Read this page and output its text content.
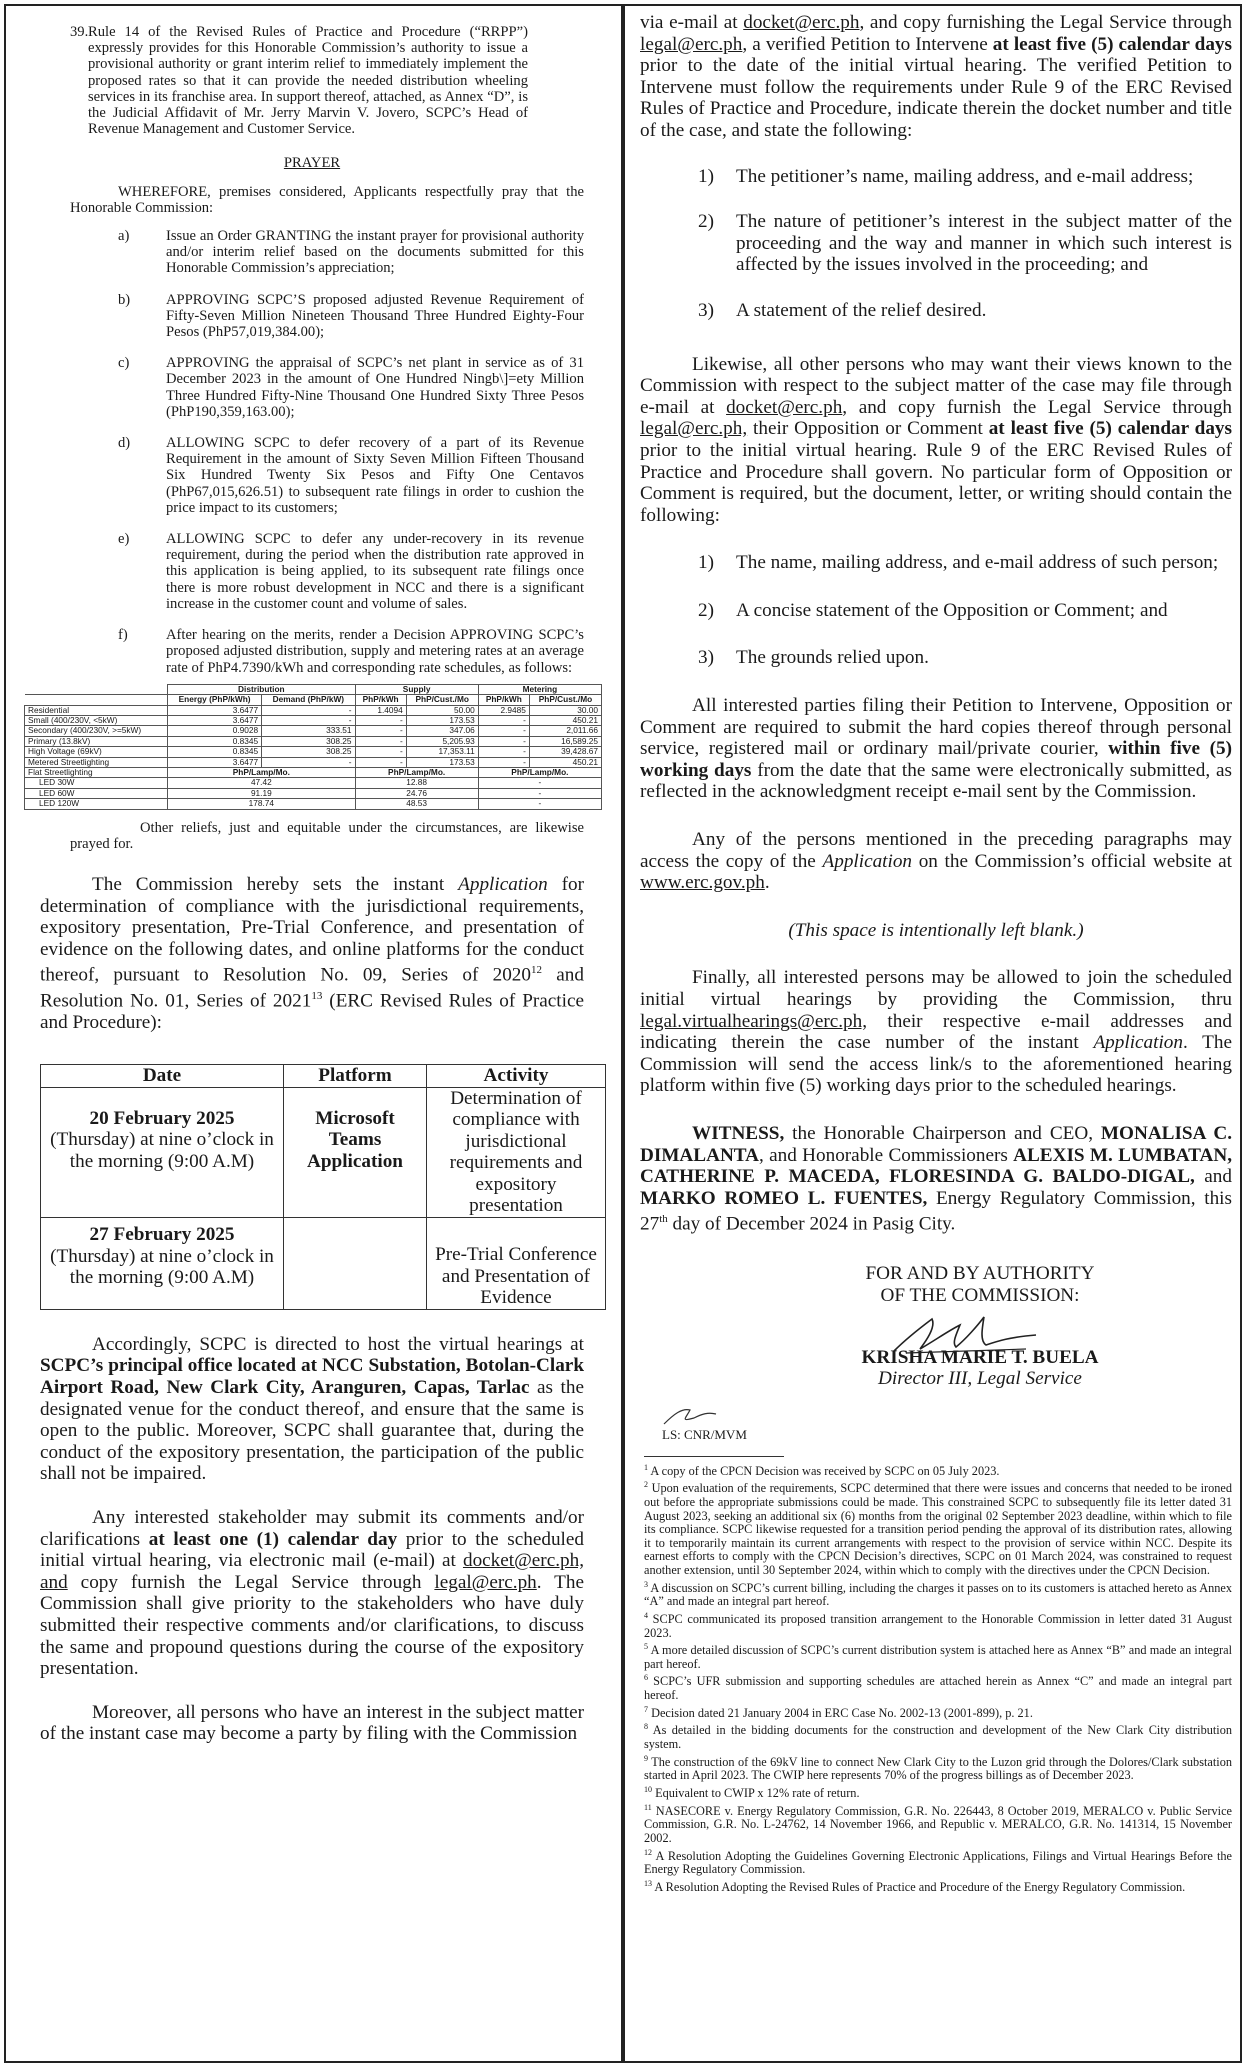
39. Rule 14 of the Revised Rules of Practice and Procedure (“RRPP”) expressly provides for this Honorable Commission’s authority to issue a provisional authority or grant interim relief to immediately implement the proposed rates so that it can provide the needed distribution wheeling services in its franchise area. In support thereof, attached, as Annex “D”, is the Judicial Affidavit of Mr. Jerry Marvin V. Jovero, SCPC’s Head of Revenue Management and Customer Service.
PRAYER

WHEREFORE, premises considered, Applicants respectfully pray that the Honorable Commission:

a)	Issue an Order GRANTING the instant prayer for provisional authority and/or interim relief based on the documents submitted for this Honorable Commission’s appreciation;
b)	APPROVING SCPC’S proposed adjusted Revenue Requirement of Fifty-Seven Million Nineteen Thousand Three Hundred Eighty-Four Pesos (PhP57,019,384.00);
c)	APPROVING the appraisal of SCPC’s net plant in service as of 31 December 2023 in the amount of One Hundred Ningb\]=ety Million Three Hundred Fifty-Nine Thousand One Hundred Sixty Three Pesos (PhP190,359,163.00);
d)	ALLOWING SCPC to defer recovery of a part of its Revenue Requirement in the amount of Sixty Seven Million Fifteen Thousand Six Hundred Twenty Six Pesos and Fifty One Centavos (PhP67,015,626.51) to subsequent rate filings in order to cushion the price impact to its customers;
e)	ALLOWING SCPC to defer any under-recovery in its revenue requirement, during the period when the distribution rate approved in this application is being applied, to its subsequent rate filings once there is more robust development in NCC and there is a significant increase in the customer count and volume of sales.
f)	After hearing on the merits, render a Decision APPROVING SCPC’s proposed adjusted distribution, supply and metering rates at an average rate of PhP4.7390/kWh and corresponding rate schedules, as follows:
	Distribution		Supply		Metering	
	Energy (PhP/kWh)	Demand (PhP/kW)	PhP/kWh	PhP/Cust./Mo	PhP/kWh	PhP/Cust./Mo
Residential	3.6477	-	1.4094	50.00	2.9485	30.00
Small (400/230V, <5kW)	3.6477	-	-	173.53	-	450.21
Secondary (400/230V, >=5kW)	0.9028	333.51	-	347.06	-	2,011.66
Primary (13.8kV)	0.8345	308.25	-	5,205.93	-	16,589.25
High Voltage (69kV)	0.8345	308.25	-	17,353.11	-	39,428.67
Metered Streetlighting	3.6477	-	-	173.53	-	450.21
Flat Streetlighting	PhP/Lamp/Mo.		PhP/Lamp/Mo.		PhP/Lamp/Mo.	
LED 30W	47.42		12.88		-	
LED 60W	91.19		24.76		-	
LED 120W	178.74		48.53		-	

Other reliefs, just and equitable under the circumstances, are likewise prayed for.

The Commission hereby sets the instant Application for determination of compliance with the jurisdictional requirements, expository presentation, Pre-Trial Conference, and presentation of evidence on the following dates, and online platforms for the conduct thereof, pursuant to Resolution No. 09, Series of 2020$^{12}$ and Resolution No. 01, Series of 2021$^{13}$ (ERC Revised Rules of Practice and Procedure):

Date	Platform	Activity
20 February 2025
(Thursday) at nine o’clock in the morning (9:00 A.M)	Microsoft Teams Application	Determination of compliance with jurisdictional requirements and expository presentation
27 February 2025
(Thursday) at nine o’clock in the morning (9:00 A.M)		Pre-Trial Conference and Presentation of Evidence

Accordingly, SCPC is directed to host the virtual hearings at SCPC’s principal office located at NCC Substation, Botolan-Clark Airport Road, New Clark City, Aranguren, Capas, Tarlac as the designated venue for the conduct thereof, and ensure that the same is open to the public. Moreover, SCPC shall guarantee that, during the conduct of the expository presentation, the participation of the public shall not be impaired.

Any interested stakeholder may submit its comments and/or clarifications at least one (1) calendar day prior to the scheduled initial virtual hearing, via electronic mail (e-mail) at docket@erc.ph, and copy furnish the Legal Service through legal@erc.ph. The Commission shall give priority to the stakeholders who have duly submitted their respective comments and/or clarifications, to discuss the same and propound questions during the course of the expository presentation.

Moreover, all persons who have an interest in the subject matter of the instant case may become a party by filing with the Commission

via e-mail at docket@erc.ph, and copy furnishing the Legal Service through legal@erc.ph, a verified Petition to Intervene at least five (5) calendar days prior to the date of the initial virtual hearing. The verified Petition to Intervene must follow the requirements under Rule 9 of the ERC Revised Rules of Practice and Procedure, indicate therein the docket number and title of the case, and state the following:

1)	The petitioner’s name, mailing address, and e-mail address;
2)	The nature of petitioner’s interest in the subject matter of the proceeding and the way and manner in which such interest is affected by the issues involved in the proceeding; and
3)	A statement of the relief desired.

Likewise, all other persons who may want their views known to the Commission with respect to the subject matter of the case may file through e-mail at docket@erc.ph, and copy furnish the Legal Service through legal@erc.ph, their Opposition or Comment at least five (5) calendar days prior to the initial virtual hearing. Rule 9 of the ERC Revised Rules of Practice and Procedure shall govern. No particular form of Opposition or Comment is required, but the document, letter, or writing should contain the following:

1)	The name, mailing address, and e-mail address of such person;
2)	A concise statement of the Opposition or Comment; and
3)	The grounds relied upon.

All interested parties filing their Petition to Intervene, Opposition or Comment are required to submit the hard copies thereof through personal service, registered mail or ordinary mail/private courier, within five (5) working days from the date that the same were electronically submitted, as reflected in the acknowledgment receipt e-mail sent by the Commission.

Any of the persons mentioned in the preceding paragraphs may access the copy of the Application on the Commission’s official website at www.erc.gov.ph.

(This space is intentionally left blank.)

Finally, all interested persons may be allowed to join the scheduled initial virtual hearings by providing the Commission, thru legal.virtualhearings@erc.ph, their respective e-mail addresses and indicating therein the case number of the instant Application. The Commission will send the access link/s to the aforementioned hearing platform within five (5) working days prior to the scheduled hearings.

WITNESS, the Honorable Chairperson and CEO, MONALISA C. DIMALANTA, and Honorable Commissioners ALEXIS M. LUMBATAN, CATHERINE P. MACEDA, FLORESINDA G. BALDO-DIGAL, and MARKO ROMEO L. FUENTES, Energy Regulatory Commission, this 27th day of December 2024 in Pasig City.

FOR AND BY AUTHORITY
OF THE COMMISSION:
KRISHA MARIE T. BUELA
Director III, Legal Service
LS: CNR/MVM

$^1$ A copy of the CPCN Decision was received by SCPC on 05 July 2023.

$^2$ Upon evaluation of the requirements, SCPC determined that there were issues and concerns that needed to be ironed out before the appropriate submissions could be made. This constrained SCPC to subsequently file its letter dated 31 August 2023, seeking an additional six (6) months from the original 02 September 2023 deadline, within which to file its compliance. SCPC likewise requested for a transition period pending the approval of its distribution rates, allowing it to temporarily maintain its current arrangements with respect to the provision of service within NCC. Despite its earnest efforts to comply with the CPCN Decision’s directives, SCPC on 01 March 2024, was constrained to request another extension, until 30 September 2024, within which to comply with the directives under the CPCN Decision.

$^3$ A discussion on SCPC’s current billing, including the charges it passes on to its customers is attached hereto as Annex “A” and made an integral part hereof.

$^4$ SCPC communicated its proposed transition arrangement to the Honorable Commission in letter dated 31 August 2023.

$^5$ A more detailed discussion of SCPC’s current distribution system is attached here as Annex “B” and made an integral part hereof.

$^6$ SCPC’s UFR submission and supporting schedules are attached herein as Annex “C” and made an integral part hereof.

$^7$ Decision dated 21 January 2004 in ERC Case No. 2002-13 (2001-899), p. 21.

$^8$ As detailed in the bidding documents for the construction and development of the New Clark City distribution system.

$^9$ The construction of the 69kV line to connect New Clark City to the Luzon grid through the Dolores/Clark substation started in April 2023. The CWIP here represents 70% of the progress billings as of December 2023.

$^{10}$ Equivalent to CWIP x 12% rate of return.

$^{11}$ NASECORE v. Energy Regulatory Commission, G.R. No. 226443, 8 October 2019, MERALCO v. Public Service Commission, G.R. No. L-24762, 14 November 1966, and Republic v. MERALCO, G.R. No. 141314, 15 November 2002.

$^{12}$ A Resolution Adopting the Guidelines Governing Electronic Applications, Filings and Virtual Hearings Before the Energy Regulatory Commission.

$^{13}$ A Resolution Adopting the Revised Rules of Practice and Procedure of the Energy Regulatory Commission.
